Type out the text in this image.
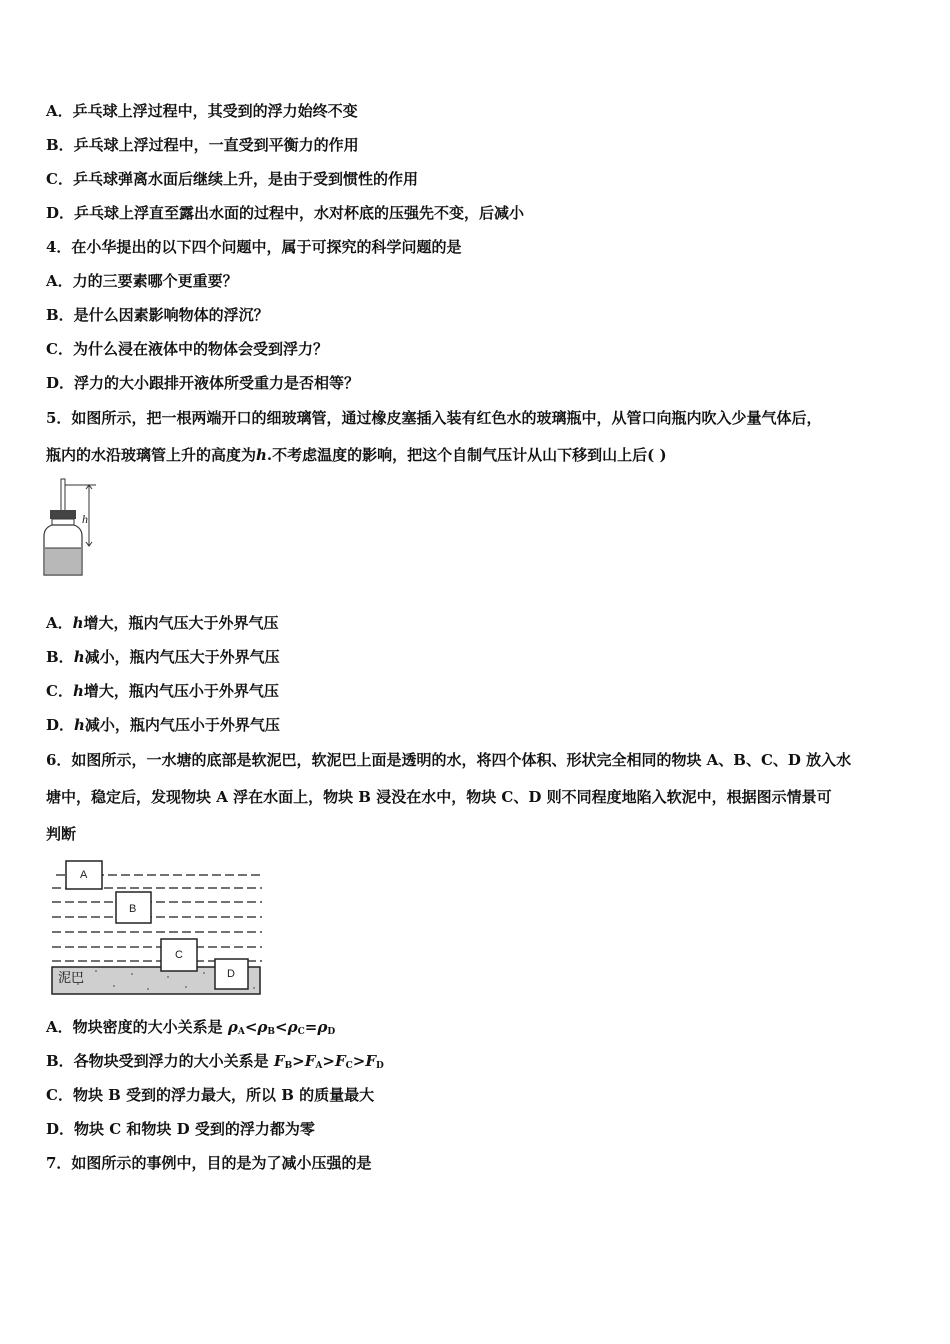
A．乒乓球上浮过程中，其受到的浮力始终不变
B．乒乓球上浮过程中，一直受到平衡力的作用
C．乒乓球弹离水面后继续上升，是由于受到惯性的作用
D．乒乓球上浮直至露出水面的过程中，水对杯底的压强先不变，后减小
4．在小华提出的以下四个问题中，属于可探究的科学问题的是
A．力的三要素哪个更重要？
B．是什么因素影响物体的浮沉？
C．为什么浸在液体中的物体会受到浮力？
D．浮力的大小跟排开液体所受重力是否相等？
5．如图所示，把一根两端开口的细玻璃管，通过橡皮塞插入装有红色水的玻璃瓶中，从管口向瓶内吹入少量气体后，
瓶内的水沿玻璃管上升的高度为h.不考虑温度的影响，把这个自制气压计从山下移到山上后( )
h
A．h增大，瓶内气压大于外界气压
B．h减小，瓶内气压大于外界气压
C．h增大，瓶内气压小于外界气压
D．h减小，瓶内气压小于外界气压
6．如图所示，一水塘的底部是软泥巴，软泥巴上面是透明的水，将四个体积、形状完全相同的物块 A、B、C、D 放入水
塘中，稳定后，发现物块 A 浮在水面上，物块 B 浸没在水中，物块 C、D 则不同程度地陷入软泥中，根据图示情景可
判断
A
B
C
D
泥巴
A．物块密度的大小关系是 $\rho_A<\rho_B<\rho_C=\rho_D$
B．各物块受到浮力的大小关系是 $F_B>F_A>F_C>F_D$
C．物块 B 受到的浮力最大，所以 B 的质量最大
D．物块 C 和物块 D 受到的浮力都为零
7．如图所示的事例中，目的是为了减小压强的是
